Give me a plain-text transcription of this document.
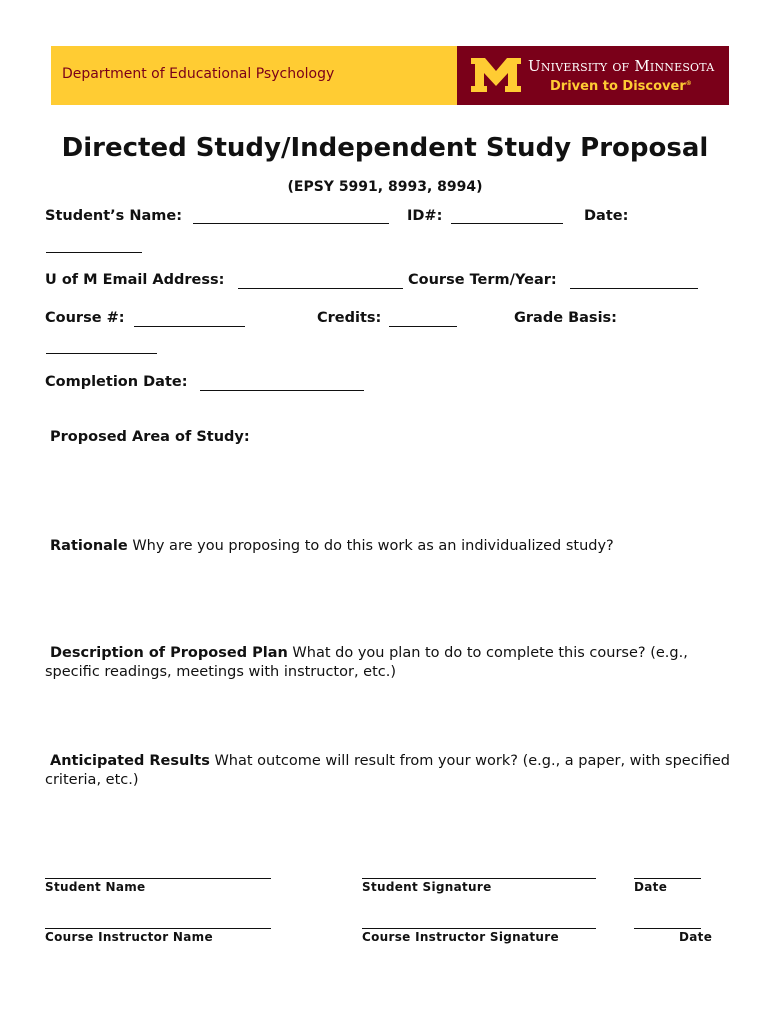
Department of Educational Psychology	University of Minnesota
Driven to Discover®
Directed Study/Independent Study Proposal
(EPSY 5991, 8993, 8994)
Student’s Name:	ID#:	Date:
U of M Email Address:	Course Term/Year:
Course #:	Credits:	Grade Basis:
Completion Date:
Proposed Area of Study:
Rationale Why are you proposing to do this work as an individualized study?
Description of Proposed Plan What do you plan to do to complete this course? (e.g., specific readings, meetings with instructor, etc.)
Anticipated Results What outcome will result from your work? (e.g., a paper, with specified criteria, etc.)
Student Name	Student Signature	Date
Course Instructor Name	Course Instructor Signature	Date
